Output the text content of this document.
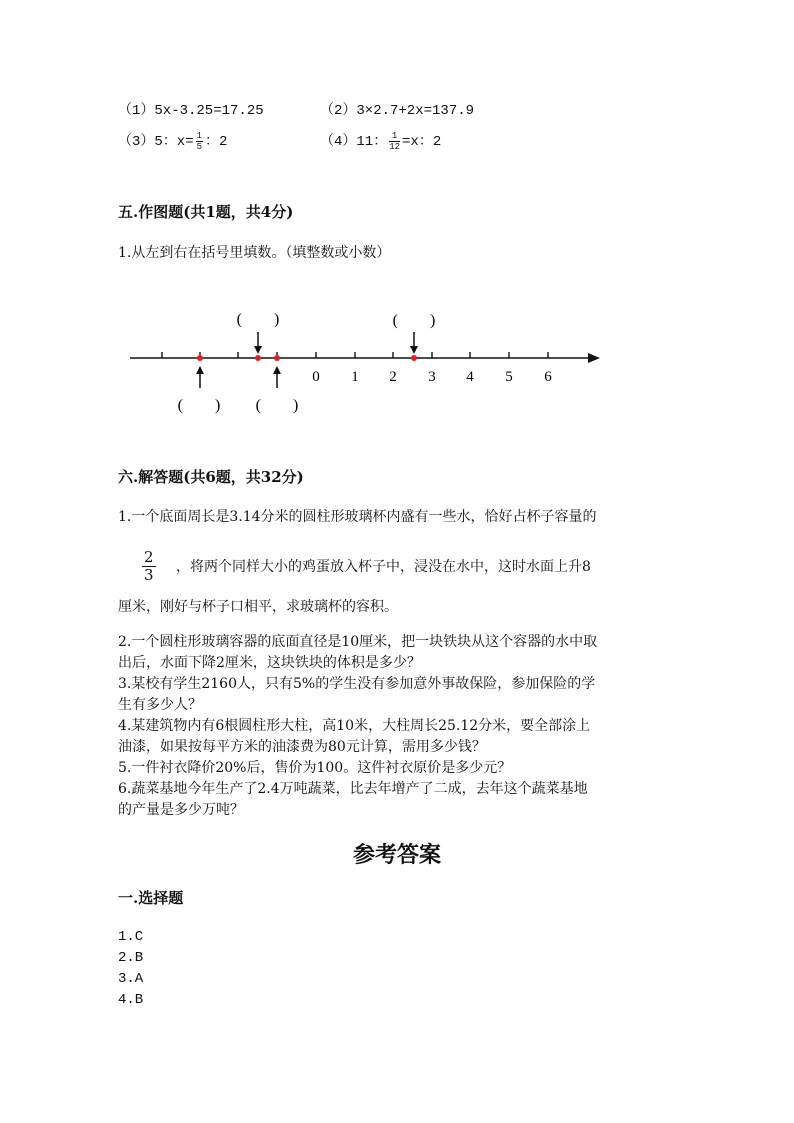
（1）5x-3.25=17.25	（2）3×2.7+2x=137.9
（3）5：$x= \frac{1}{5}$ ：2	（4）11： $\frac{1}{12} =x$：2
五.作图题(共1题，共4分)
1.从左到右在括号里填数。（填整数或小数）
0 1 2 3 4 5 6
(　　)	(　　)
(　　) (　　)
六.解答题(共6题，共32分)
1.一个底面周长是3.14分米的圆柱形玻璃杯内盛有一些水，恰好占杯子容量的
$\frac{2}{3}$ ，将两个同样大小的鸡蛋放入杯子中，浸没在水中，这时水面上升8
厘米，刚好与杯子口相平，求玻璃杯的容积。
2.一个圆柱形玻璃容器的底面直径是10厘米，把一块铁块从这个容器的水中取
出后，水面下降2厘米，这块铁块的体积是多少？
3.某校有学生2160人，只有5%的学生没有参加意外事故保险，参加保险的学
生有多少人？
4.某建筑物内有6根圆柱形大柱，高10米，大柱周长25.12分米，要全部涂上
油漆，如果按每平方米的油漆费为80元计算，需用多少钱？
5.一件衬衣降价20%后，售价为100。这件衬衣原价是多少元？
6.蔬菜基地今年生产了2.4万吨蔬菜，比去年增产了二成，去年这个蔬菜基地
的产量是多少万吨？
参考答案
一.选择题
1.C
2.B
3.A
4.B
